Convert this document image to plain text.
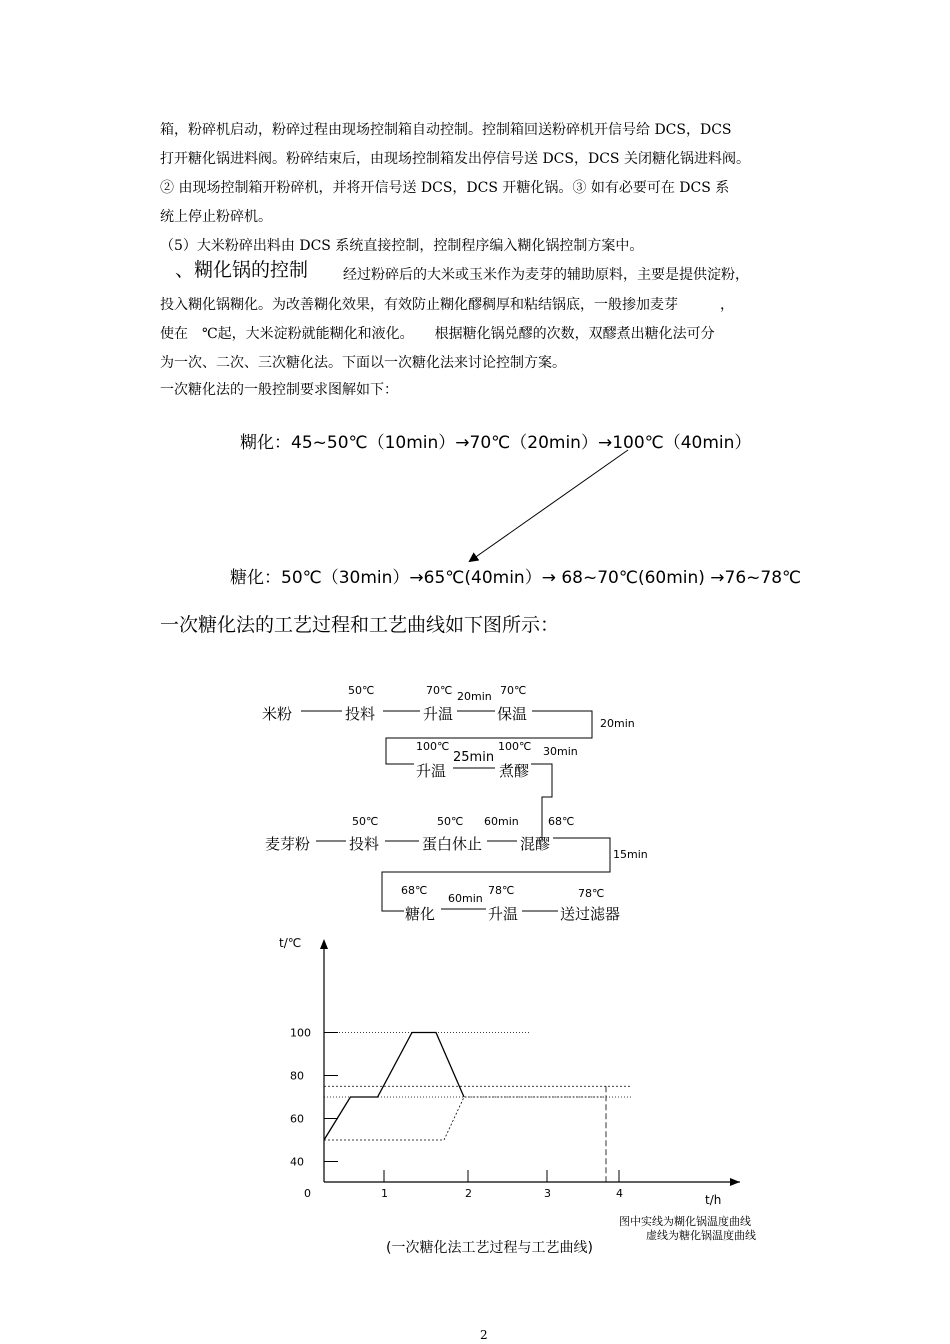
箱，粉碎机启动，粉碎过程由现场控制箱自动控制。控制箱回送粉碎机开信号给 DCS，DCS
打开糖化锅进料阀。粉碎结束后，由现场控制箱发出停信号送 DCS，DCS 关闭糖化锅进料阀。
② 由现场控制箱开粉碎机，并将开信号送 DCS，DCS 开糖化锅。③ 如有必要可在 DCS 系
统上停止粉碎机。
（5）大米粉碎出料由 DCS 系统直接控制，控制程序编入糊化锅控制方案中。
、糊化锅的控制 经过粉碎后的大米或玉米作为麦芽的辅助原料，主要是提供淀粉，
投入糊化锅糊化。为改善糊化效果，有效防止糊化醪稠厚和粘结锅底，一般掺加麦芽　　　，
使在　℃起，大米淀粉就能糊化和液化。　　根据糖化锅兑醪的次数，双醪煮出糖化法可分
为一次、二次、三次糖化法。下面以一次糖化法来讨论控制方案。
一次糖化法的一般控制要求图解如下：
糊化：45~50℃（10min）→70℃（20min）→100℃（40min）
糖化：50℃（30min）→65℃(40min）→ 68~70℃(60min) →76~78℃
一次糖化法的工艺过程和工艺曲线如下图所示：
米粉
50℃
投料
70℃
升温
20min 70℃
保温
20min
100℃
升温
25min
100℃
煮醪
30min
麦芽粉
50℃
投料
50℃
蛋白休止
60min	68℃
混醪
15min
68℃
糖化
60min
78℃
升温
78℃
送过滤器
t/℃
t/h
图中实线为糊化锅温度曲线
虚线为糖化锅温度曲线
(一次糖化法工艺过程与工艺曲线)
2
100
80
60
40
0	1	2	3	4
